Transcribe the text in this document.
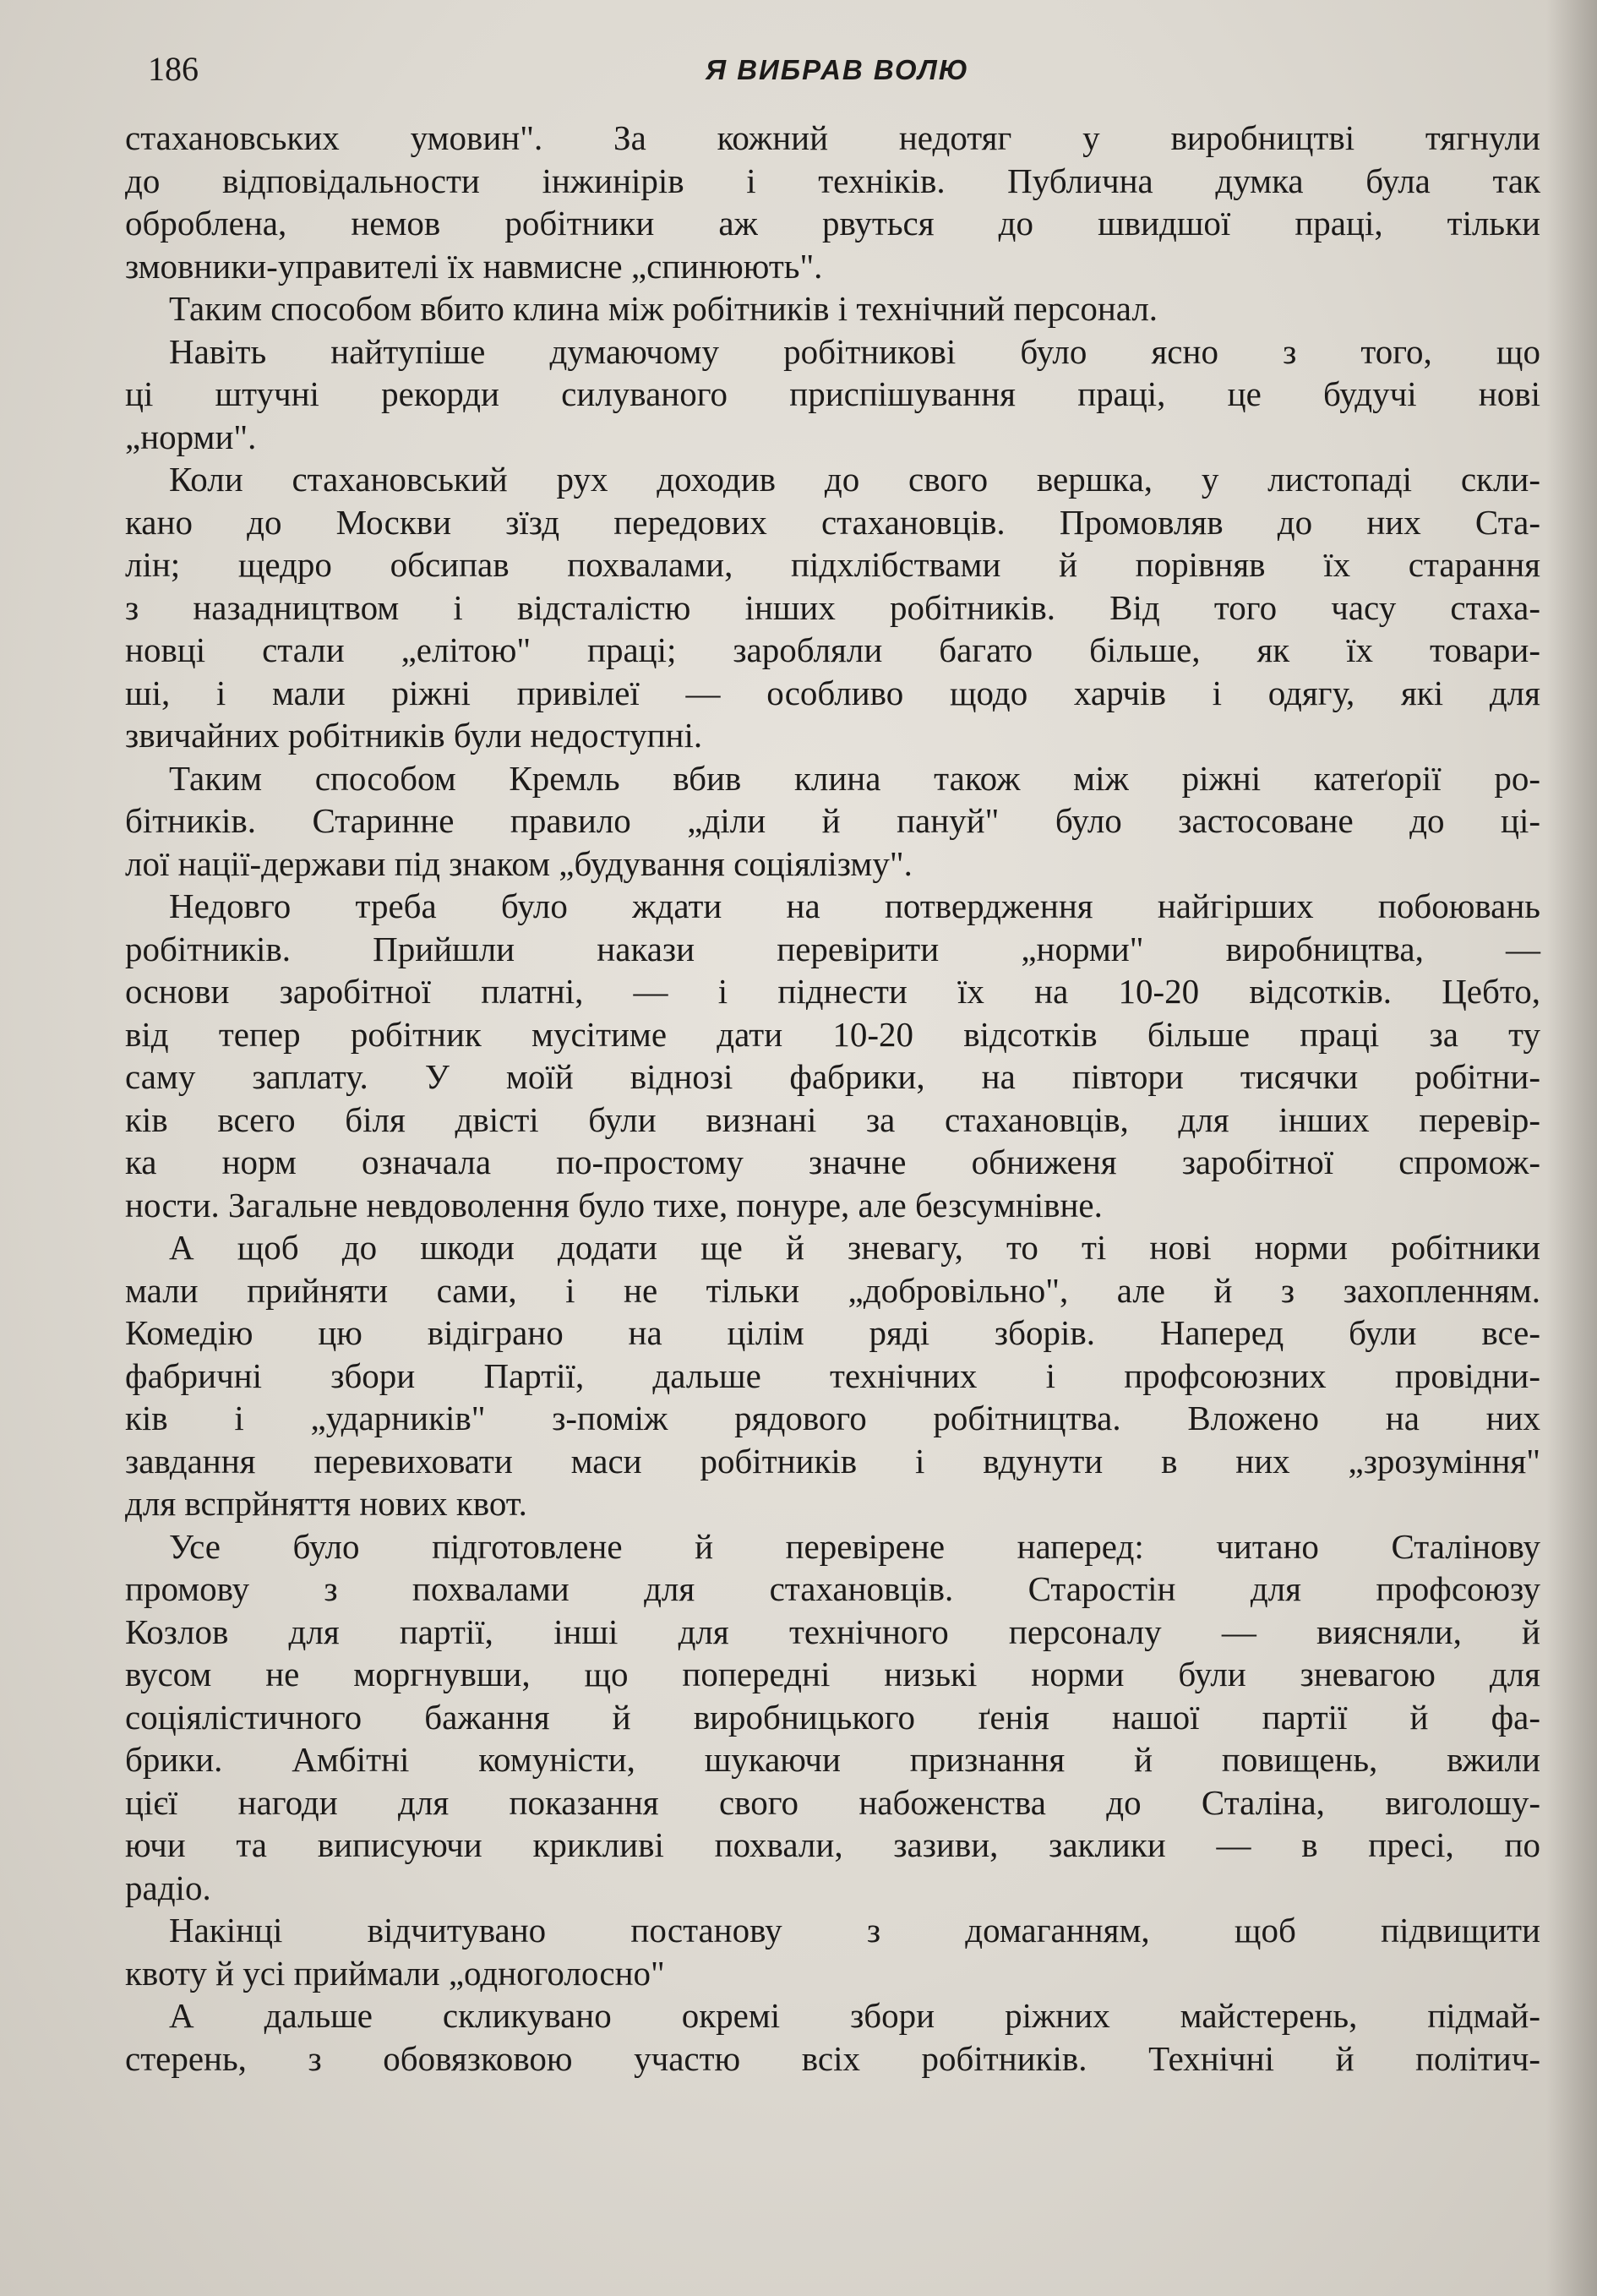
186	Я ВИБРАВ ВОЛЮ
стахановських умовин". За кожний недотяг у виробництві тягнули
до відповідальности інжинірів і техніків. Публична думка була так
оброблена, немов робітники аж рвуться до швидшої праці, тільки
змовники-управителі їх навмисне „спинюють".
Таким способом вбито клина між робітників і технічний персонал.
Навіть найтупіше думаючому робітникові було ясно з того, що
ці штучні рекорди силуваного приспішування праці, це будучі нові
„норми".
Коли стахановський рух доходив до свого вершка, у листопаді скли-
кано до Москви зїзд передових стахановців. Промовляв до них Ста-
лін; щедро обсипав похвалами, підхлібствами й порівняв їх старання
з назадництвом і відсталістю інших робітників. Від того часу стаха-
новці стали „елітою" праці; заробляли багато більше, як їх товари-
ші, і мали ріжні привілеї — особливо щодо харчів і одягу, які для
звичайних робітників були недоступні.
Таким способом Кремль вбив клина також між ріжні катеґорії ро-
бітників. Старинне правило „діли й пануй" було застосоване до ці-
лої нації-держави під знаком „будування соціялізму".
Недовго треба було ждати на потвердження найгірших побоювань
робітників. Прийшли накази перевірити „норми" виробництва, —
основи заробітної платні, — і піднести їх на 10-20 відсотків. Цебто,
від тепер робітник мусітиме дати 10-20 відсотків більше праці за ту
саму заплату. У моїй віднозі фабрики, на півтори тисячки робітни-
ків всего біля двісті були визнані за стахановців, для інших перевір-
ка норм означала по-простому значне обниженя заробітної спромож-
ности. Загальне невдоволення було тихе, понуре, але безсумнівне.
А щоб до шкоди додати ще й зневагу, то ті нові норми робітники
мали прийняти сами, і не тільки „добровільно", але й з захопленням.
Комедію цю відіграно на цілім ряді зборів. Наперед були все-
фабричні збори Партії, дальше технічних і профсоюзних провідни-
ків і „ударників" з-поміж рядового робітництва. Вложено на них
завдання перевиховати маси робітників і вдунути в них „зрозуміння"
для вспрйняття нових квот.
Усе було підготовлене й перевірене наперед: читано Сталінову
промову з похвалами для стахановців. Старостін для профсоюзу
Козлов для партії, інші для технічного персоналу — виясняли, й
вусом не моргнувши, що попередні низькі норми були зневагою для
соціялістичного бажання й виробницького ґенія нашої партії й фа-
брики. Амбітні комуністи, шукаючи признання й повищень, вжили
цієї нагоди для показання свого набоженства до Сталіна, виголошу-
ючи та виписуючи крикливі похвали, зазиви, заклики — в пресі, по
радіо.
Накінці відчитувано постанову з домаганням, щоб підвищити
квоту й усі приймали „одноголосно"
А дальше скликувано окремі збори ріжних майстерень, підмай-
стерень, з обовязковою участю всіх робітників. Технічні й політич-
